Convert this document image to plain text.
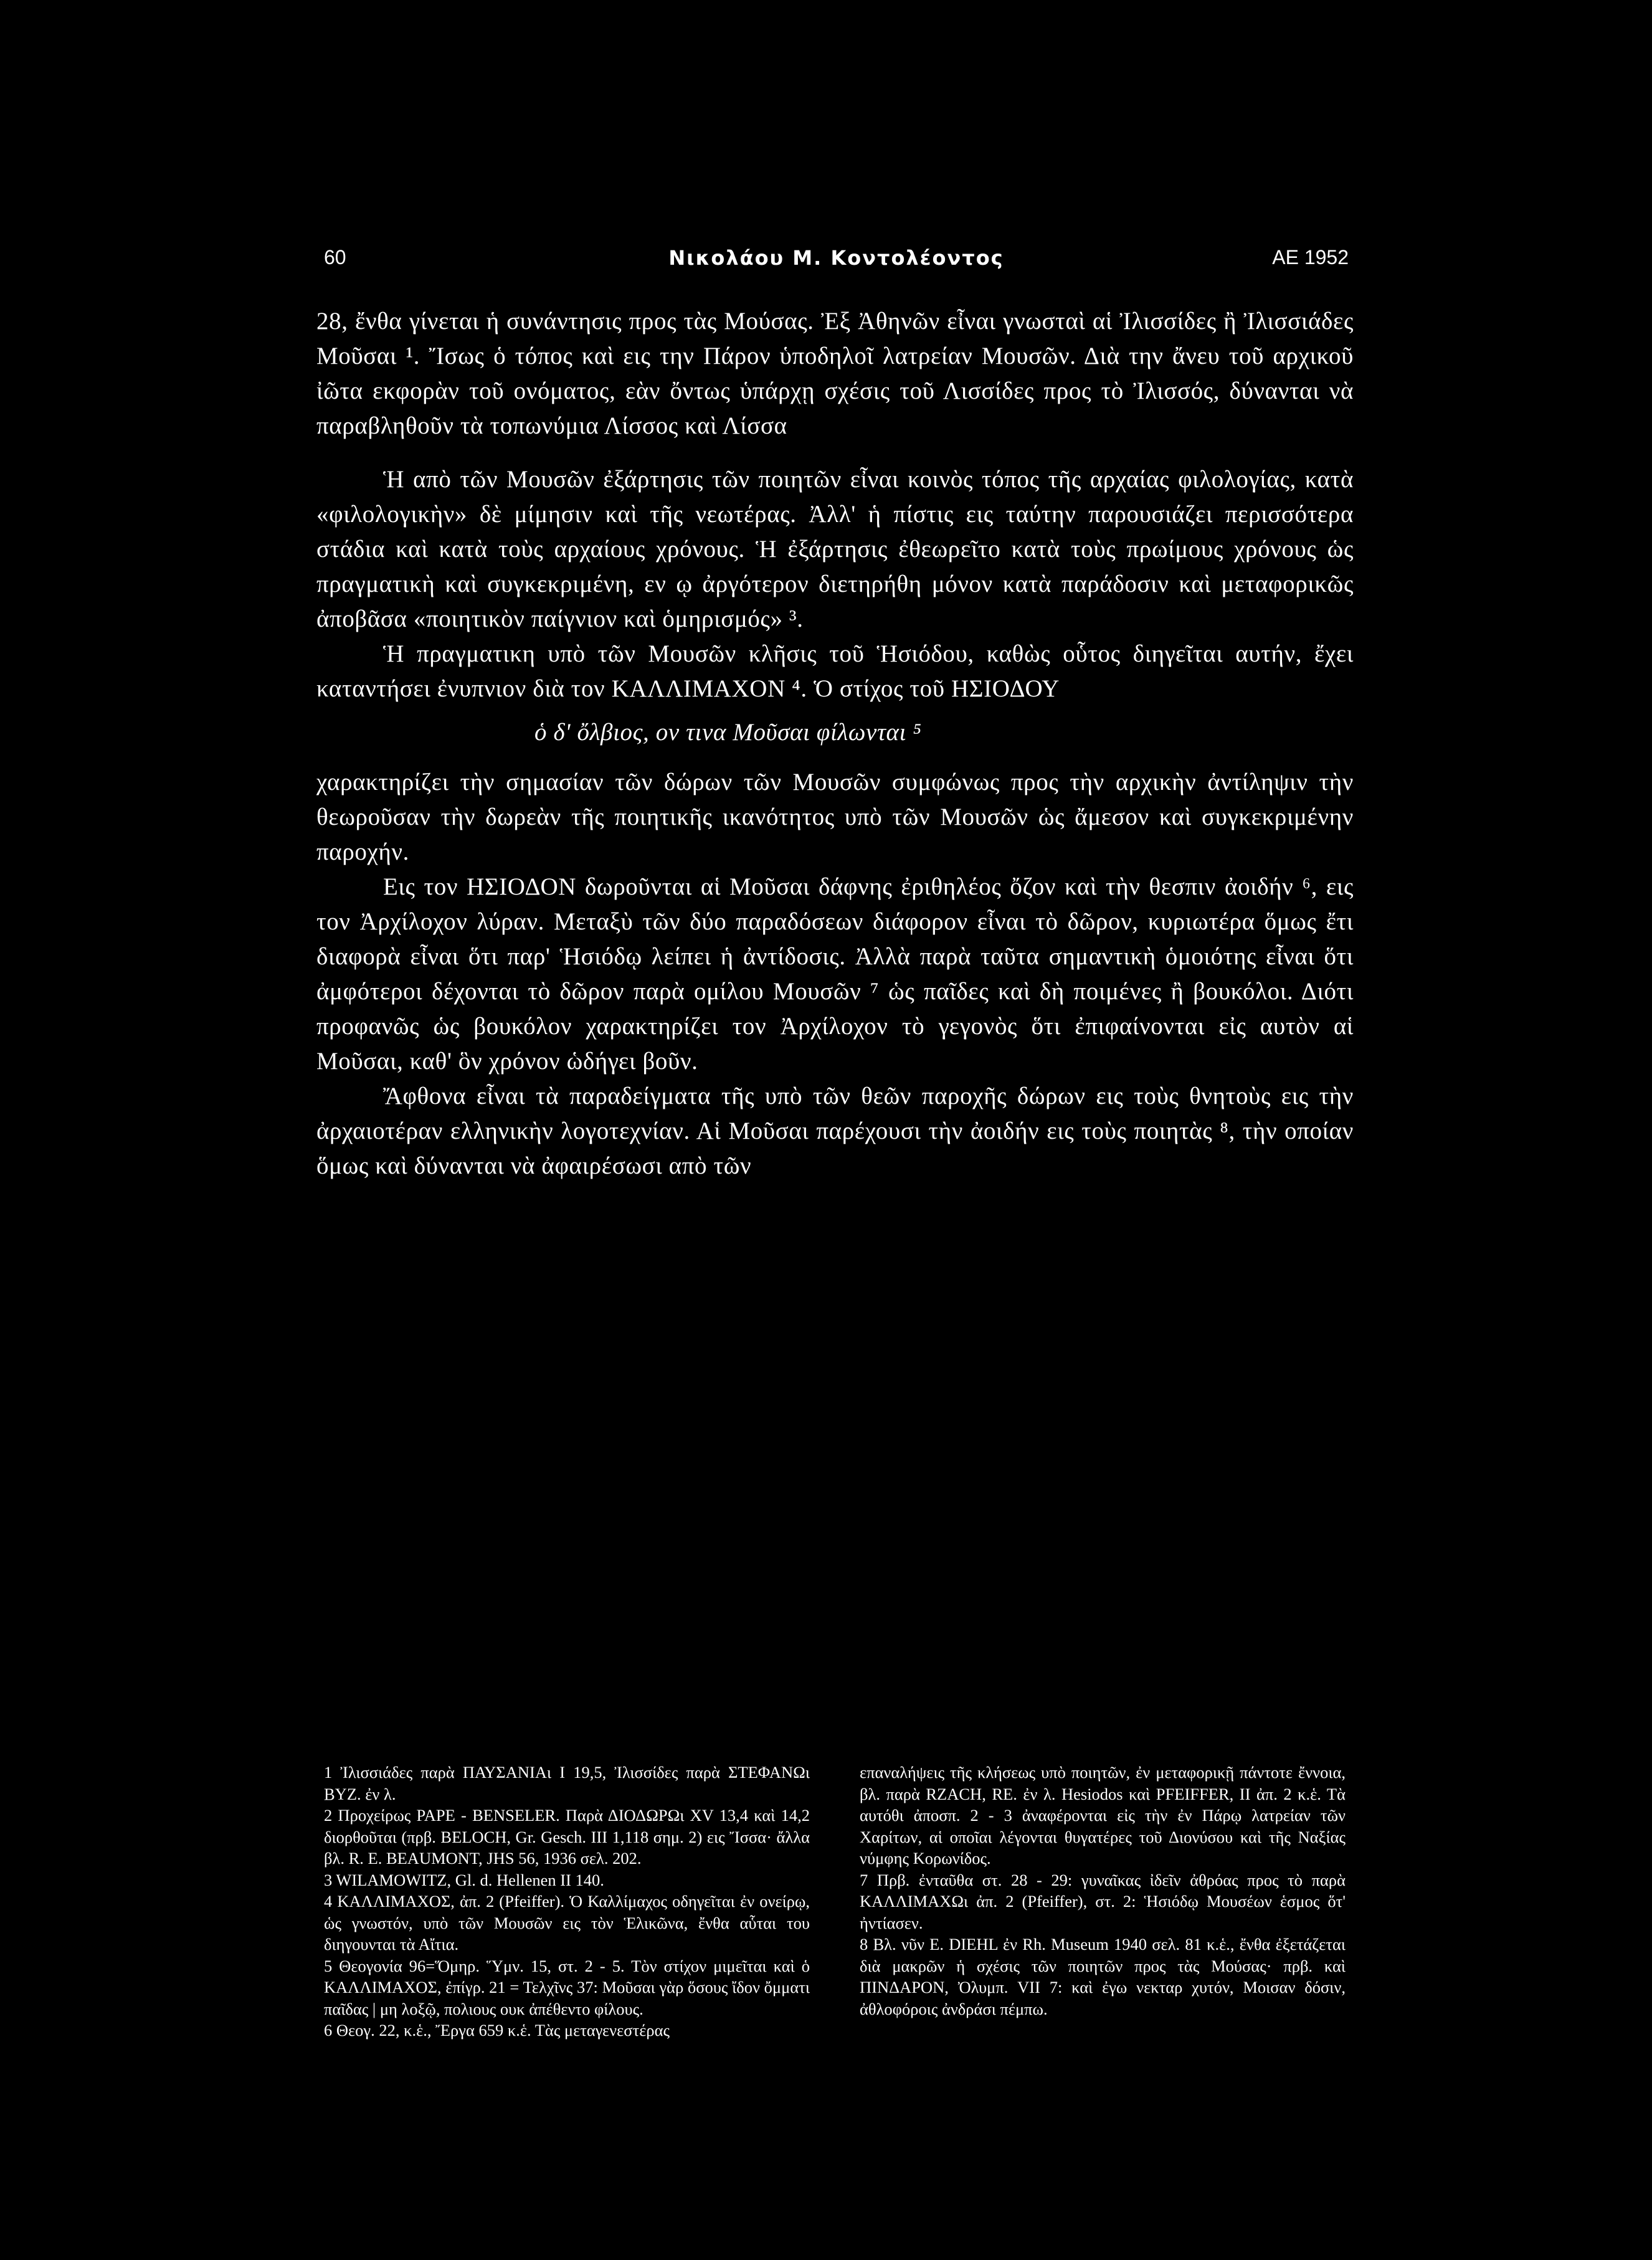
60	Νικολάου Μ. Κοντολέοντος	ΑΕ 1952

28, ἔνθα γίνεται ἡ συνάντησις προς τὰς Μούσας. Ἐξ Ἀθηνῶν εἶναι γνωσταὶ αἱ Ἰλισσίδες ἢ Ἰλισσιάδες Μοῦσαι ¹. Ἴσως ὁ τόπος καὶ εις την Πάρον ὑποδηλοῖ λατρείαν Μουσῶν. Διὰ την ἄνευ τοῦ αρχικοῦ ἰῶτα εκφορὰν τοῦ ονόματος, εὰν ὄντως ὑπάρχῃ σχέσις τοῦ Λισσίδες προς τὸ Ἰλισσός, δύνανται νὰ παραβληθοῦν τὰ τοπωνύμια Λίσσος καὶ Λίσσα

Ἡ απὸ τῶν Μουσῶν ἐξάρτησις τῶν ποιητῶν εἶναι κοινὸς τόπος τῆς αρχαίας φιλολογίας, κατὰ «φιλολογικὴν» δὲ μίμησιν καὶ τῆς νεωτέρας. Ἀλλ' ἡ πίστις εις ταύτην παρουσιάζει περισσότερα στάδια καὶ κατὰ τοὺς αρχαίους χρόνους. Ἡ ἐξάρτησις ἐθεωρεῖτο κατὰ τοὺς πρωίμους χρόνους ὡς πραγματικὴ καὶ συγκεκριμένη, εν ῳ ἀργότερον διετηρήθη μόνον κατὰ παράδοσιν καὶ μεταφορικῶς ἀποβᾶσα «ποιητικὸν παίγνιον καὶ ὁμηρισμός» ³.

Ἡ πραγματικη υπὸ τῶν Μουσῶν κλῆσις τοῦ Ἡσιόδου, καθὼς οὗτος διηγεῖται αυτήν, ἔχει καταντήσει ἐνυπνιον διὰ τον ΚΑΛΛΙΜΑΧΟΝ ⁴. Ὁ στίχος τοῦ ΗΣΙΟΔΟΥ

ὁ δ' ὄλβιος, ον τινα Μοῦσαι φίλωνται ⁵

χαρακτηρίζει τὴν σημασίαν τῶν δώρων τῶν Μουσῶν συμφώνως προς τὴν αρχικὴν ἀντίληψιν τὴν θεωροῦσαν τὴν δωρεὰν τῆς ποιητικῆς ικανότητος υπὸ τῶν Μουσῶν ὡς ἄμεσον καὶ συγκεκριμένην παροχήν.

Εις τον ΗΣΙΟΔΟΝ δωροῦνται αἱ Μοῦσαι δάφνης ἐριθηλέος ὄζον καὶ τὴν θεσπιν ἀοιδήν ⁶, εις τον Ἀρχίλοχον λύραν. Μεταξὺ τῶν δύο παραδόσεων διάφορον εἶναι τὸ δῶρον, κυριωτέρα ὅμως ἔτι διαφορὰ εἶναι ὅτι παρ' Ἡσιόδῳ λείπει ἡ ἀντίδοσις. Ἀλλὰ παρὰ ταῦτα σημαντικὴ ὁμοιότης εἶναι ὅτι ἀμφότεροι δέχονται τὸ δῶρον παρὰ ομίλου Μουσῶν ⁷ ὡς παῖδες καὶ δὴ ποιμένες ἢ βουκόλοι. Διότι προφανῶς ὡς βουκόλον χαρακτηρίζει τον Ἀρχίλοχον τὸ γεγονὸς ὅτι ἐπιφαίνονται εἰς αυτὸν αἱ Μοῦσαι, καθ' ὃν χρόνον ὡδήγει βοῦν.

Ἄφθονα εἶναι τὰ παραδείγματα τῆς υπὸ τῶν θεῶν παροχῆς δώρων εις τοὺς θνητοὺς εις τὴν ἀρχαιοτέραν ελληνικὴν λογοτεχνίαν. Αἱ Μοῦσαι παρέχουσι τὴν ἀοιδήν εις τοὺς ποιητὰς ⁸, τὴν οποίαν ὅμως καὶ δύνανται νὰ ἀφαιρέσωσι απὸ τῶν

1 Ἰλισσιάδες παρὰ ΠΑΥΣΑΝΙΑι Ι 19,5, Ἰλισσίδες παρὰ ΣΤΕΦΑΝΩι ΒΥΖ. ἐν λ.

2 Προχείρως PAPE - BENSELER. Παρὰ ΔΙΟΔΩΡΩι XV 13,4 καὶ 14,2 διορθοῦται (πρβ. BELOCH, Gr. Gesch. III 1,118 σημ. 2) εις Ἴσσα· ἄλλα βλ. R. E. BEAUMONT, JHS 56, 1936 σελ. 202.

3 WILAMOWITZ, Gl. d. Hellenen II 140.

4 ΚΑΛΛΙΜΑΧΟΣ, ἀπ. 2 (Pfeiffer). Ὁ Καλλίμαχος οδηγεῖται ἐν ονείρῳ, ὡς γνωστόν, υπὸ τῶν Μουσῶν εις τὸν Ἑλικῶνα, ἔνθα αὗται του διηγουνται τὰ Αἴτια.

5 Θεογονία 96=Ὅμηρ. Ὕμν. 15, στ. 2 - 5. Τὸν στίχον μιμεῖται καὶ ὁ ΚΑΛΛΙΜΑΧΟΣ, ἐπίγρ. 21 = Τελχῖνς 37: Μοῦσαι γὰρ ὅσους ἴδον ὄμματι παῖδας | μη λοξῷ, πολιους ουκ ἀπέθεντο φίλους.

6 Θεογ. 22, κ.ἑ., Ἔργα 659 κ.ἑ. Τὰς μεταγενεστέρας

επαναλήψεις τῆς κλήσεως υπὸ ποιητῶν, ἐν μεταφορικῇ πάντοτε ἔννοια, βλ. παρὰ RZACH, RE. ἐν λ. Hesiodos καὶ PFEIFFER, II ἀπ. 2 κ.ἑ. Τὰ αυτόθι ἀποσπ. 2 - 3 ἀναφέρονται εἰς τὴν ἐν Πάρῳ λατρείαν τῶν Χαρίτων, αἱ οποῖαι λέγονται θυγατέρες τοῦ Διονύσου καὶ τῆς Ναξίας νύμφης Κορωνίδος.

7 Πρβ. ἐνταῦθα στ. 28 - 29: γυναῖκας ἰδεῖν ἀθρόας προς τὸ παρὰ ΚΑΛΛΙΜΑΧΩι ἀπ. 2 (Pfeiffer), στ. 2: Ἡσιόδῳ Μουσέων ἑσμος ὅτ' ἠντίασεν.

8 Βλ. νῦν E. DIEHL ἐν Rh. Museum 1940 σελ. 81 κ.ἑ., ἔνθα ἐξετάζεται διὰ μακρῶν ἡ σχέσις τῶν ποιητῶν προς τὰς Μούσας· πρβ. καὶ ΠΙΝΔΑΡΟΝ, Ὀλυμπ. VII 7: καὶ ἐγω νεκταρ χυτόν, Μοισαν δόσιν, ἀθλοφόροις ἀνδράσι πέμπω.
